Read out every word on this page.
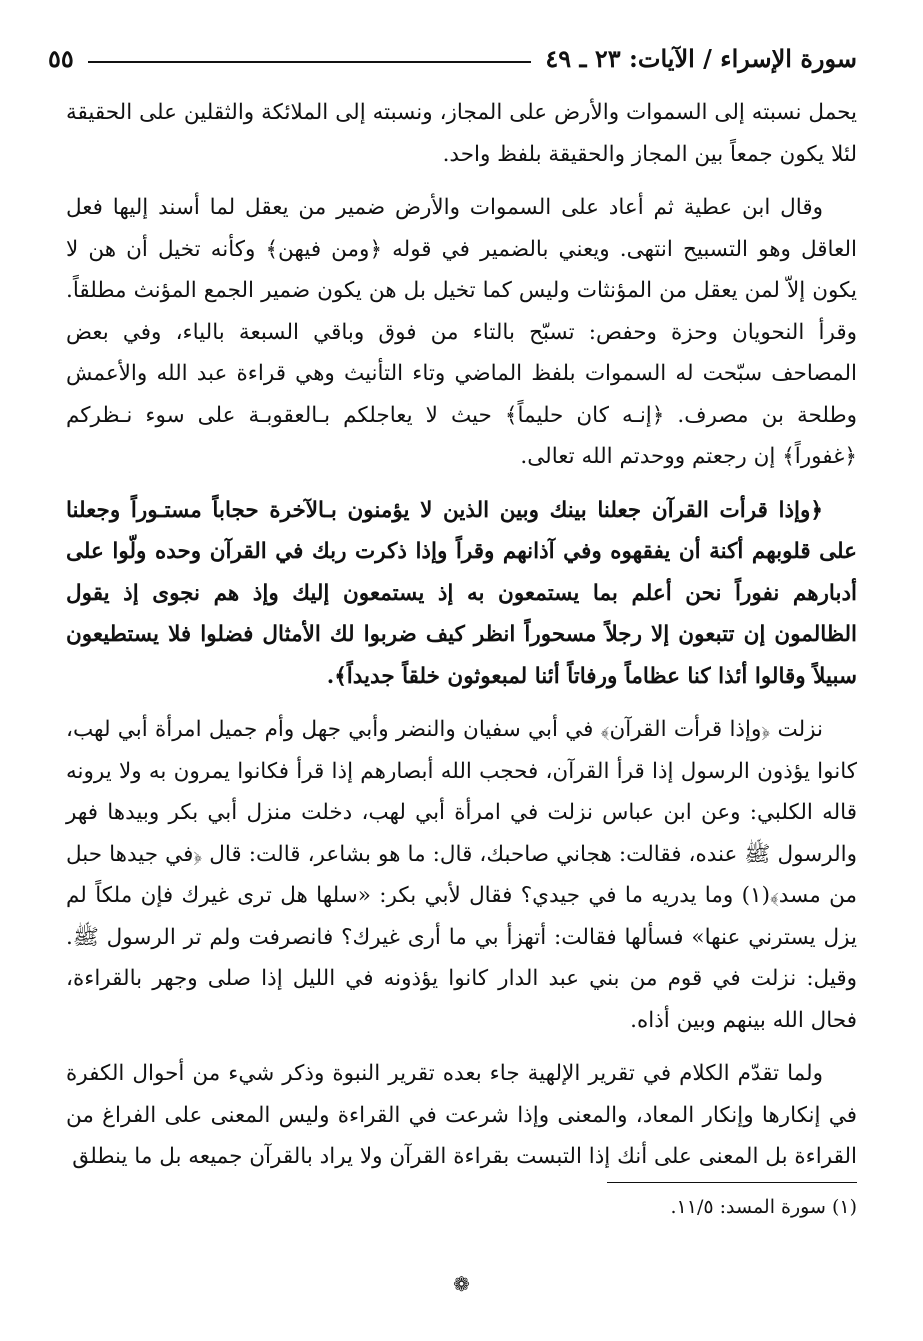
سورة الإسراء / الآيات: ٢٣ ـ ٤٩
٥٥

يحمل نسبته إلى السموات والأرض على المجاز، ونسبته إلى الملائكة والثقلين على الحقيقة لئلا يكون جمعاً بين المجاز والحقيقة بلفظ واحد.

وقال ابن عطية ثم أعاد على السموات والأرض ضمير من يعقل لما أسند إليها فعل العاقل وهو التسبيح انتهى. ويعني بالضمير في قوله ﴿ومن فيهن﴾ وكأنه تخيل أن هن لا يكون إلاّ لمن يعقل من المؤنثات وليس كما تخيل بل هن يكون ضمير الجمع المؤنث مطلقاً. وقرأ النحويان وحزة وحفص: تسبّح بالتاء من فوق وباقي السبعة بالياء، وفي بعض المصاحف سبّحت له السموات بلفظ الماضي وتاء التأنيث وهي قراءة عبد الله والأعمش وطلحة بن مصرف. ﴿إنـه كان حليماً﴾ حيث لا يعاجلكم بـالعقوبـة على سوء نـظركم ﴿غفوراً﴾ إن رجعتم ووحدتم الله تعالى.

﴿وإذا قرأت القرآن جعلنا بينك وبين الذين لا يؤمنون بـالآخرة حجاباً مستـوراً وجعلنا على قلوبهم أكنة أن يفقهوه وفي آذانهم وقراً وإذا ذكرت ربك في القرآن وحده ولّوا على أدبارهم نفوراً نحن أعلم بما يستمعون به إذ يستمعون إليك وإذ هم نجوى إذ يقول الظالمون إن تتبعون إلا رجلاً مسحوراً انظر كيف ضربوا لك الأمثال فضلوا فلا يستطيعون سبيلاً وقالوا أئذا كنا عظاماً ورفاتاً أئنا لمبعوثون خلقاً جديداً﴾.

نزلت ﴿وإذا قرأت القرآن﴾ في أبي سفيان والنضر وأبي جهل وأم جميل امرأة أبي لهب، كانوا يؤذون الرسول إذا قرأ القرآن، فحجب الله أبصارهم إذا قرأ فكانوا يمرون به ولا يرونه قاله الكلبي: وعن ابن عباس نزلت في امرأة أبي لهب، دخلت منزل أبي بكر وبيدها فهر والرسول ﷺ عنده، فقالت: هجاني صاحبك، قال: ما هو بشاعر، قالت: قال ﴿في جيدها حبل من مسد﴾(١) وما يدريه ما في جيدي؟ فقال لأبي بكر: «سلها هل ترى غيرك فإن ملكاً لم يزل يسترني عنها» فسألها فقالت: أتهزأ بي ما أرى غيرك؟ فانصرفت ولم تر الرسول ﷺ. وقيل: نزلت في قوم من بني عبد الدار كانوا يؤذونه في الليل إذا صلى وجهر بالقراءة، فحال الله بينهم وبين أذاه.

ولما تقدّم الكلام في تقرير الإلهية جاء بعده تقرير النبوة وذكر شيء من أحوال الكفرة في إنكارها وإنكار المعاد، والمعنى وإذا شرعت في القراءة وليس المعنى على الفراغ من القراءة بل المعنى على أنك إذا التبست بقراءة القرآن ولا يراد بالقرآن جميعه بل ما ينطلق

(١) سورة المسد: ١١/٥.
❁
